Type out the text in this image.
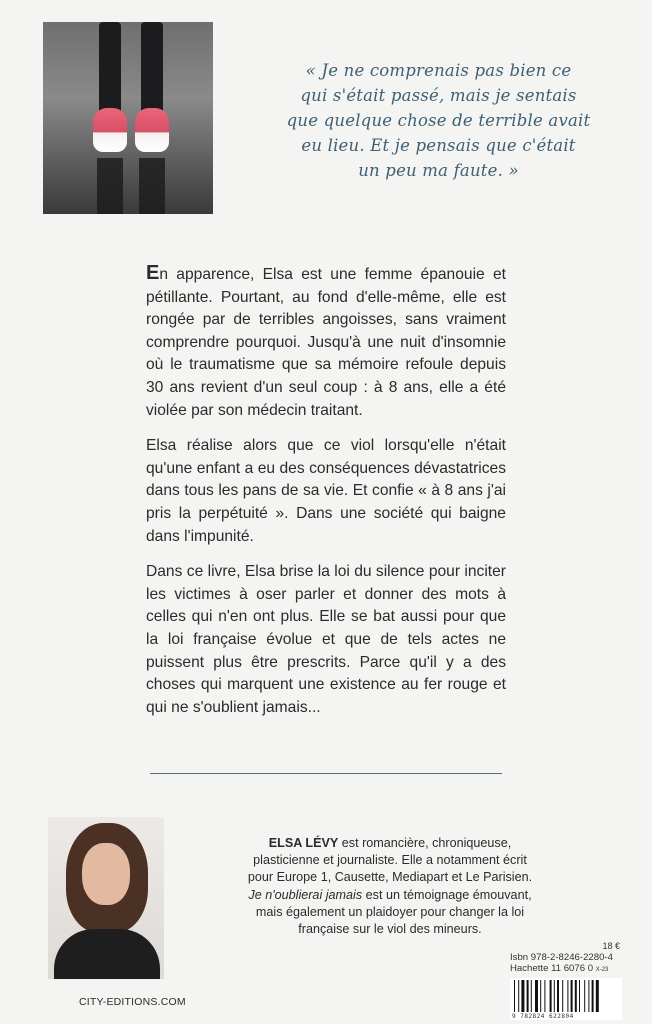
« Je ne comprenais pas bien ce
qui s'était passé, mais je sentais
que quelque chose de terrible avait
eu lieu. Et je pensais que c'était
un peu ma faute. »

En apparence, Elsa est une femme épanouie et pétillante. Pourtant, au fond d'elle-même, elle est rongée par de terribles angoisses, sans vraiment comprendre pourquoi. Jusqu'à une nuit d'insomnie où le traumatisme que sa mémoire refoule depuis 30 ans revient d'un seul coup : à 8 ans, elle a été violée par son médecin traitant.

Elsa réalise alors que ce viol lorsqu'elle n'était qu'une enfant a eu des conséquences dévastatrices dans tous les pans de sa vie. Et confie « à 8 ans j'ai pris la perpétuité ». Dans une société qui baigne dans l'impunité.

Dans ce livre, Elsa brise la loi du silence pour inciter les victimes à oser parler et donner des mots à celles qui n'en ont plus. Elle se bat aussi pour que la loi française évolue et que de tels actes ne puissent plus être prescrits. Parce qu'il y a des choses qui marquent une existence au fer rouge et qui ne s'oublient jamais...

ELSA LÉVY est romancière, chroniqueuse, plasticienne et journaliste. Elle a notamment écrit pour Europe 1, Causette, Mediapart et Le Parisien. Je n'oublierai jamais est un témoignage émouvant, mais également un plaidoyer pour changer la loi française sur le viol des mineurs.
18 €
Isbn 978-2-8246-2280-4
Hachette 11 6076 0 X-23
9 782824 622804
CITY-EDITIONS.COM
